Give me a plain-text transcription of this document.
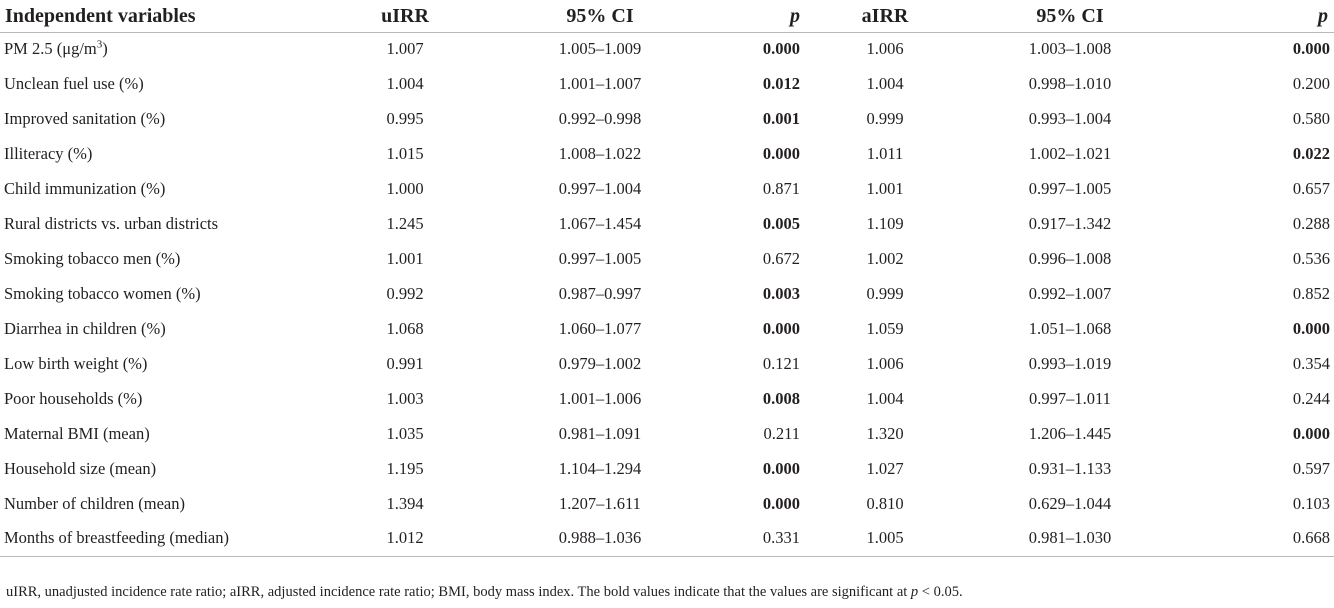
Independent variables	uIRR	95% CI	p	aIRR	95% CI	p
PM 2.5 $(\mu g/m^3)$	1.007	1.005–1.009	0.000	1.006	1.003–1.008	0.000
Unclean fuel use (%)	1.004	1.001–1.007	0.012	1.004	0.998–1.010	0.200
Improved sanitation (%)	0.995	0.992–0.998	0.001	0.999	0.993–1.004	0.580
Illiteracy (%)	1.015	1.008–1.022	0.000	1.011	1.002–1.021	0.022
Child immunization (%)	1.000	0.997–1.004	0.871	1.001	0.997–1.005	0.657
Rural districts vs. urban districts	1.245	1.067–1.454	0.005	1.109	0.917–1.342	0.288
Smoking tobacco men (%)	1.001	0.997–1.005	0.672	1.002	0.996–1.008	0.536
Smoking tobacco women (%)	0.992	0.987–0.997	0.003	0.999	0.992–1.007	0.852
Diarrhea in children (%)	1.068	1.060–1.077	0.000	1.059	1.051–1.068	0.000
Low birth weight (%)	0.991	0.979–1.002	0.121	1.006	0.993–1.019	0.354
Poor households (%)	1.003	1.001–1.006	0.008	1.004	0.997–1.011	0.244
Maternal BMI (mean)	1.035	0.981–1.091	0.211	1.320	1.206–1.445	0.000
Household size (mean)	1.195	1.104–1.294	0.000	1.027	0.931–1.133	0.597
Number of children (mean)	1.394	1.207–1.611	0.000	0.810	0.629–1.044	0.103
Months of breastfeeding (median)	1.012	0.988–1.036	0.331	1.005	0.981–1.030	0.668
uIRR, unadjusted incidence rate ratio; aIRR, adjusted incidence rate ratio; BMI, body mass index. The bold values indicate that the values are significant at p < 0.05.
